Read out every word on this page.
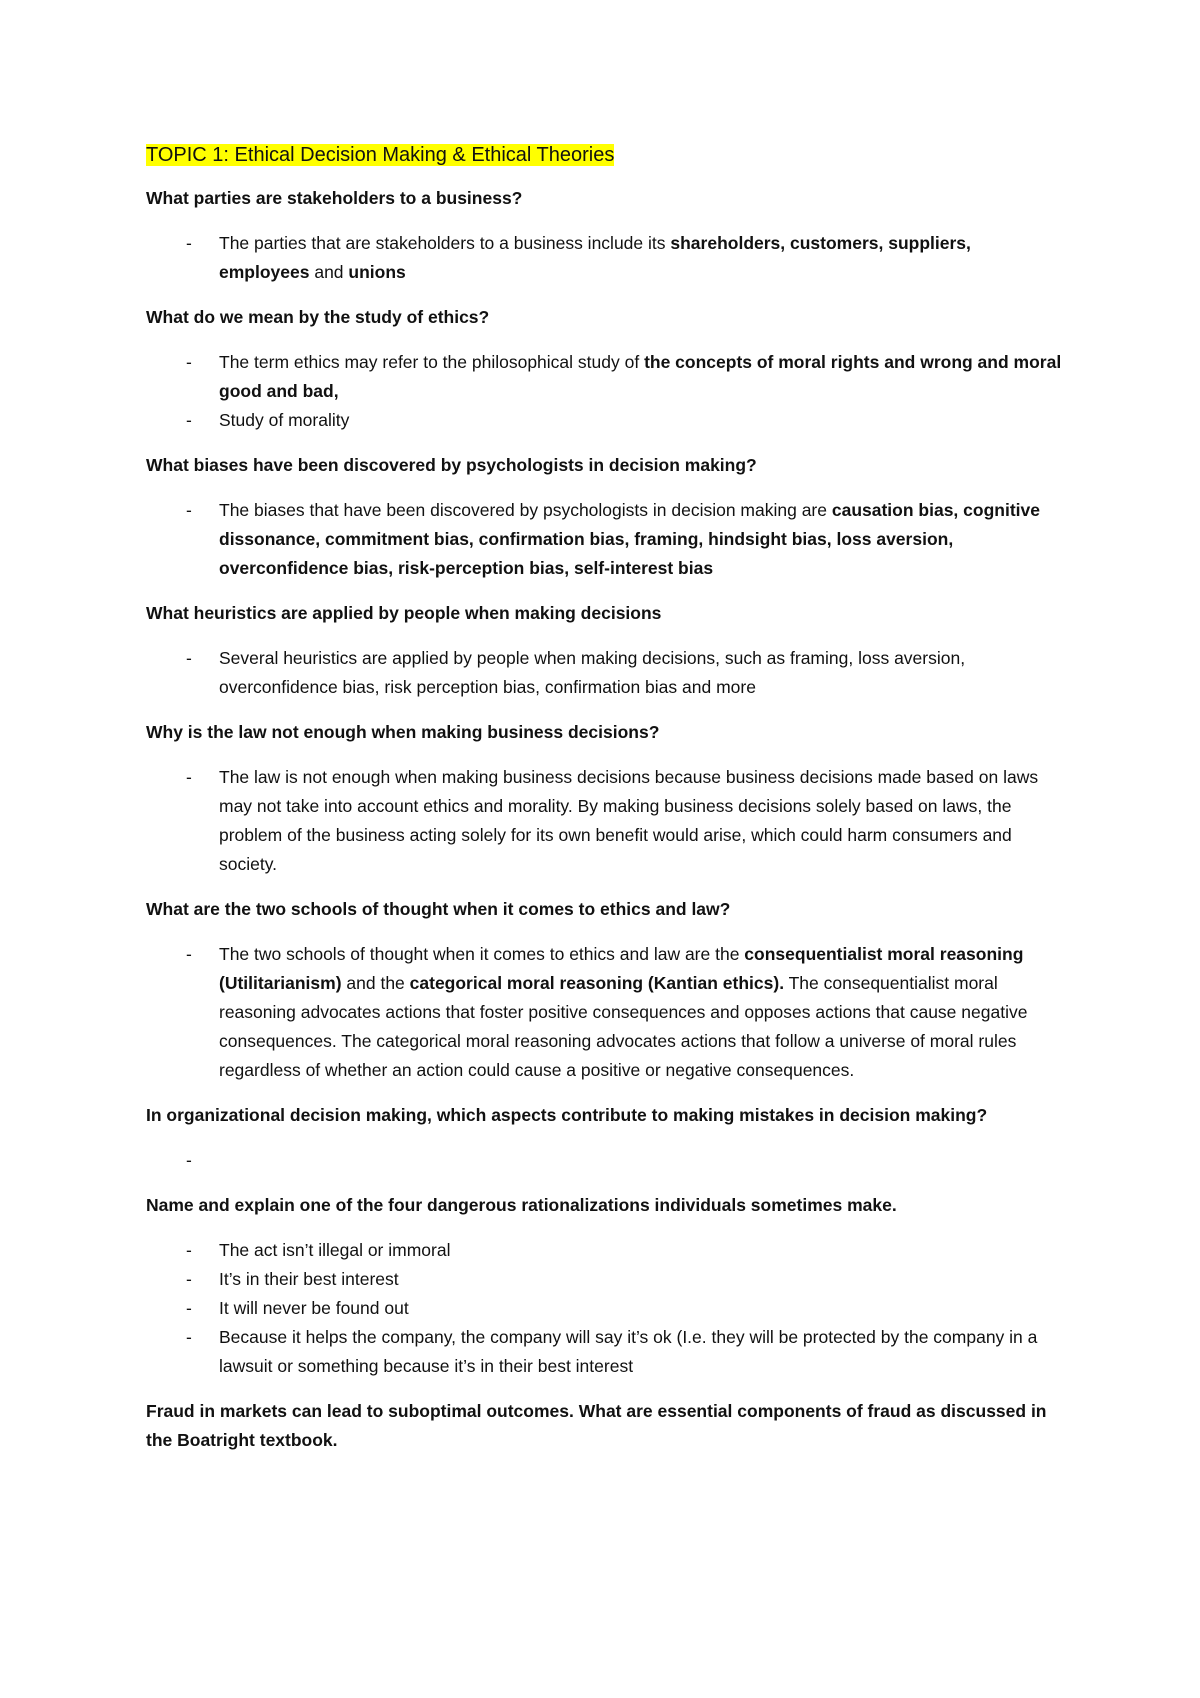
TOPIC 1: Ethical Decision Making & Ethical Theories

What parties are stakeholders to a business?

- The parties that are stakeholders to a business include its shareholders, customers, suppliers, employees and unions

What do we mean by the study of ethics?

- The term ethics may refer to the philosophical study of the concepts of moral rights and wrong and moral good and bad,
- Study of morality

What biases have been discovered by psychologists in decision making?

- The biases that have been discovered by psychologists in decision making are causation bias, cognitive dissonance, commitment bias, confirmation bias, framing, hindsight bias, loss aversion, overconfidence bias, risk-perception bias, self-interest bias

What heuristics are applied by people when making decisions

- Several heuristics are applied by people when making decisions, such as framing, loss aversion, overconfidence bias, risk perception bias, confirmation bias and more

Why is the law not enough when making business decisions?

- The law is not enough when making business decisions because business decisions made based on laws may not take into account ethics and morality. By making business decisions solely based on laws, the problem of the business acting solely for its own benefit would arise, which could harm consumers and society.

What are the two schools of thought when it comes to ethics and law?

- The two schools of thought when it comes to ethics and law are the consequentialist moral reasoning (Utilitarianism) and the categorical moral reasoning (Kantian ethics). The consequentialist moral reasoning advocates actions that foster positive consequences and opposes actions that cause negative consequences. The categorical moral reasoning advocates actions that follow a universe of moral rules regardless of whether an action could cause a positive or negative consequences.

In organizational decision making, which aspects contribute to making mistakes in decision making?

-

Name and explain one of the four dangerous rationalizations individuals sometimes make.

- The act isn’t illegal or immoral
- It’s in their best interest
- It will never be found out
- Because it helps the company, the company will say it’s ok (I.e. they will be protected by the company in a lawsuit or something because it’s in their best interest

Fraud in markets can lead to suboptimal outcomes. What are essential components of fraud as discussed in the Boatright textbook.
